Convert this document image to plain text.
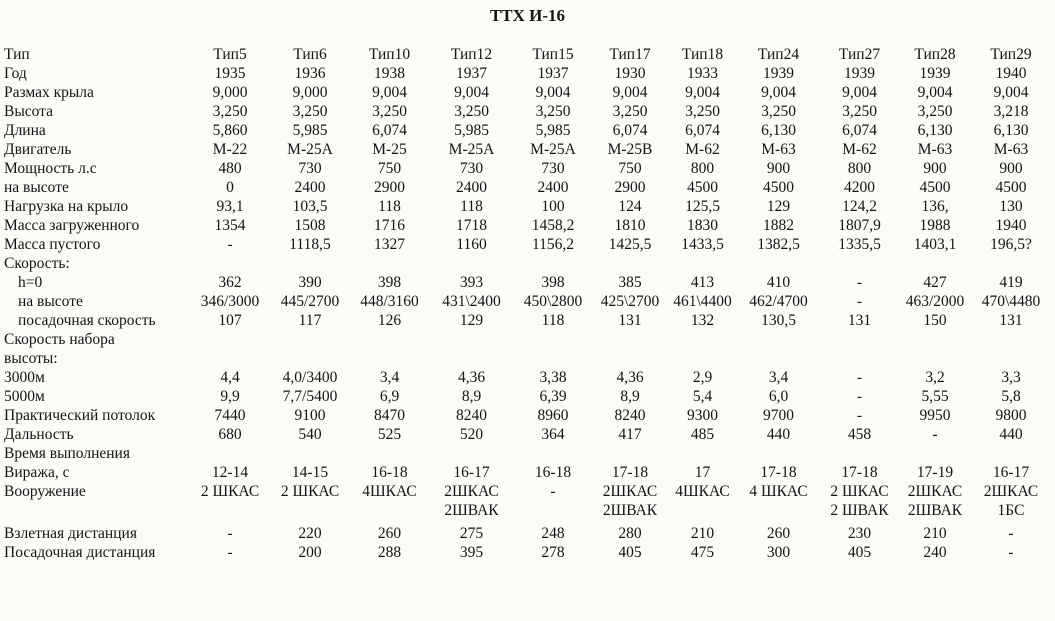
ТТХ И-16
Тип	Тип5	Тип6	Тип10	Тип12	Тип15	Тип17	Тип18	Тип24	Тип27	Тип28	Тип29
Год	1935	1936	1938	1937	1937	1930	1933	1939	1939	1939	1940
Размах крыла	9,000	9,000	9,004	9,004	9,004	9,004	9,004	9,004	9,004	9,004	9,004
Высота	3,250	3,250	3,250	3,250	3,250	3,250	3,250	3,250	3,250	3,250	3,218
Длина	5,860	5,985	6,074	5,985	5,985	6,074	6,074	6,130	6,074	6,130	6,130
Двигатель	М-22	М-25А	М-25	М-25А	М-25А	М-25В	М-62	М-63	М-62	М-63	М-63
Мощность л.с	480	730	750	730	730	750	800	900	800	900	900
на высоте	0	2400	2900	2400	2400	2900	4500	4500	4200	4500	4500
Нагрузка на крыло	93,1	103,5	118	118	100	124	125,5	129	124,2	136,	130
Масса загруженного	1354	1508	1716	1718	1458,2	1810	1830	1882	1807,9	1988	1940
Масса пустого	-	1118,5	1327	1160	1156,2	1425,5	1433,5	1382,5	1335,5	1403,1	196,5?
Скорость:											
h=0	362	390	398	393	398	385	413	410	-	427	419
на высоте	346/3000	445/2700	448/3160	431\2400	450\2800	425\2700	461\4400	462/4700	-	463/2000	470\4480
посадочная скорость	107	117	126	129	118	131	132	130,5	131	150	131
Скорость набора											
высоты:											
3000м	4,4	4,0/3400	3,4	4,36	3,38	4,36	2,9	3,4	-	3,2	3,3
5000м	9,9	7,7/5400	6,9	8,9	6,39	8,9	5,4	6,0	-	5,55	5,8
Практический потолок	7440	9100	8470	8240	8960	8240	9300	9700	-	9950	9800
Дальность	680	540	525	520	364	417	485	440	458	-	440
Время выполнения											
Виража, с	12-14	14-15	16-18	16-17	16-18	17-18	17	17-18	17-18	17-19	16-17
Вооружение	2 ШКАС	2 ШКАС	4ШКАС	2ШКАС	-	2ШКАС	4ШКАС	4 ШКАС	2 ШКАС	2ШКАС	2ШКАС
				2ШВАК		2ШВАК			2 ШВАК	2ШВАК	1БС

Взлетная дистанция	-	220	260	275	248	280	210	260	230	210	-
Посадочная дистанция	-	200	288	395	278	405	475	300	405	240	-
